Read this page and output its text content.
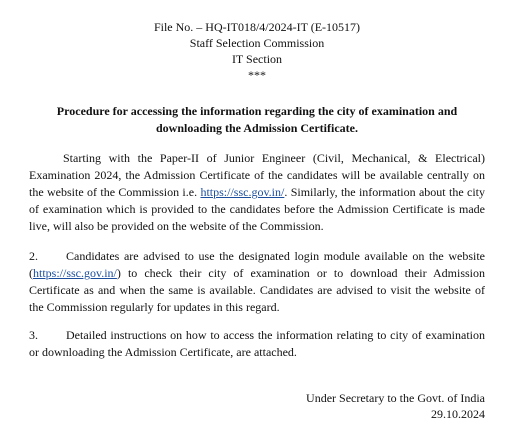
File No. – HQ-IT018/4/2024-IT (E-10517)
Staff Selection Commission
IT Section
***
Procedure for accessing the information regarding the city of examination and
downloading the Admission Certificate.

Starting with the Paper-II of Junior Engineer (Civil, Mechanical, & Electrical) Examination 2024, the Admission Certificate of the candidates will be available centrally on the website of the Commission i.e. https://ssc.gov.in/. Similarly, the information about the city of examination which is provided to the candidates before the Admission Certificate is made live, will also be provided on the website of the Commission.

2. Candidates are advised to use the designated login module available on the website (https://ssc.gov.in/) to check their city of examination or to download their Admission Certificate as and when the same is available. Candidates are advised to visit the website of the Commission regularly for updates in this regard.

3. Detailed instructions on how to access the information relating to city of examination or downloading the Admission Certificate, are attached.

Under Secretary to the Govt. of India
29.10.2024
